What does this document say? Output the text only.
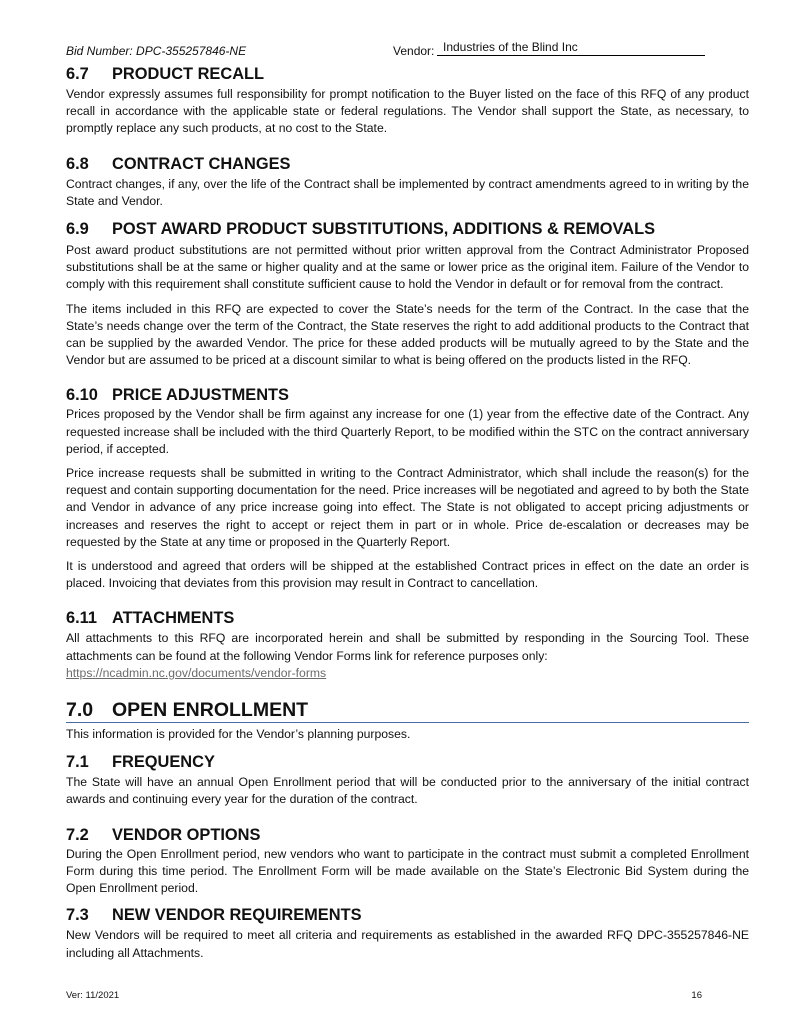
Bid Number: DPC-355257846-NE	Vendor: Industries of the Blind Inc
6.7 PRODUCT RECALL

Vendor expressly assumes full responsibility for prompt notification to the Buyer listed on the face of this RFQ of any product recall in accordance with the applicable state or federal regulations. The Vendor shall support the State, as necessary, to promptly replace any such products, at no cost to the State.

6.8 CONTRACT CHANGES

Contract changes, if any, over the life of the Contract shall be implemented by contract amendments agreed to in writing by the State and Vendor.

6.9 POST AWARD PRODUCT SUBSTITUTIONS, ADDITIONS & REMOVALS

Post award product substitutions are not permitted without prior written approval from the Contract Administrator Proposed substitutions shall be at the same or higher quality and at the same or lower price as the original item. Failure of the Vendor to comply with this requirement shall constitute sufficient cause to hold the Vendor in default or for removal from the contract.

The items included in this RFQ are expected to cover the State’s needs for the term of the Contract. In the case that the State’s needs change over the term of the Contract, the State reserves the right to add additional products to the Contract that can be supplied by the awarded Vendor. The price for these added products will be mutually agreed to by the State and the Vendor but are assumed to be priced at a discount similar to what is being offered on the products listed in the RFQ.

6.10 PRICE ADJUSTMENTS

Prices proposed by the Vendor shall be firm against any increase for one (1) year from the effective date of the Contract. Any requested increase shall be included with the third Quarterly Report, to be modified within the STC on the contract anniversary period, if accepted.

Price increase requests shall be submitted in writing to the Contract Administrator, which shall include the reason(s) for the request and contain supporting documentation for the need. Price increases will be negotiated and agreed to by both the State and Vendor in advance of any price increase going into effect. The State is not obligated to accept pricing adjustments or increases and reserves the right to accept or reject them in part or in whole. Price de-escalation or decreases may be requested by the State at any time or proposed in the Quarterly Report.

It is understood and agreed that orders will be shipped at the established Contract prices in effect on the date an order is placed. Invoicing that deviates from this provision may result in Contract to cancellation.

6.11 ATTACHMENTS

All attachments to this RFQ are incorporated herein and shall be submitted by responding in the Sourcing Tool. These attachments can be found at the following Vendor Forms link for reference purposes only:

https://ncadmin.nc.gov/documents/vendor-forms
7.0 OPEN ENROLLMENT

This information is provided for the Vendor’s planning purposes.

7.1 FREQUENCY

The State will have an annual Open Enrollment period that will be conducted prior to the anniversary of the initial contract awards and continuing every year for the duration of the contract.

7.2 VENDOR OPTIONS

During the Open Enrollment period, new vendors who want to participate in the contract must submit a completed Enrollment Form during this time period. The Enrollment Form will be made available on the State’s Electronic Bid System during the Open Enrollment period.

7.3 NEW VENDOR REQUIREMENTS

New Vendors will be required to meet all criteria and requirements as established in the awarded RFQ DPC-355257846-NE including all Attachments.

Ver: 11/2021	16
